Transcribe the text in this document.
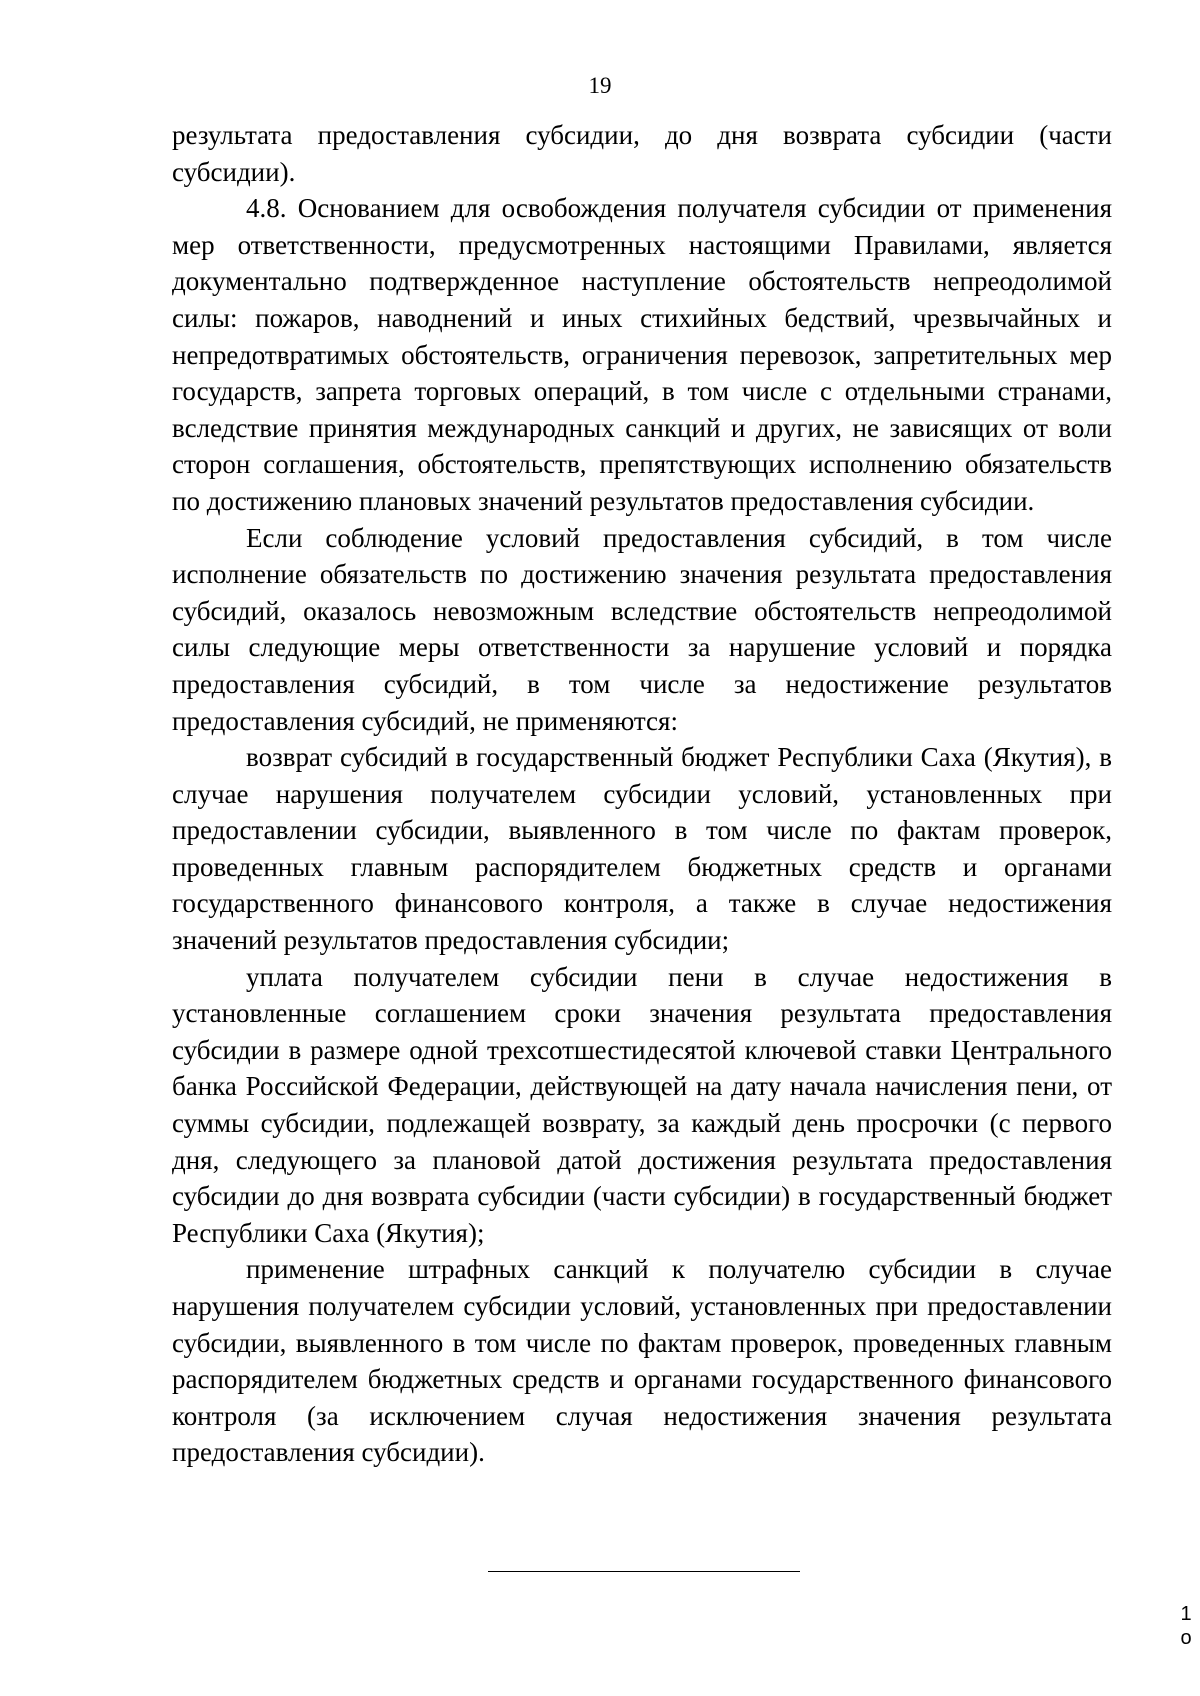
19

результата предоставления субсидии, до дня возврата субсидии (части субсидии).

4.8. Основанием для освобождения получателя субсидии от применения мер ответственности, предусмотренных настоящими Правилами, является документально подтвержденное наступление обстоятельств непреодолимой силы: пожаров, наводнений и иных стихийных бедствий, чрезвычайных и непредотвратимых обстоятельств, ограничения перевозок, запретительных мер государств, запрета торговых операций, в том числе с отдельными странами, вследствие принятия международных санкций и других, не зависящих от воли сторон соглашения, обстоятельств, препятствующих исполнению обязательств по достижению плановых значений результатов предоставления субсидии.

Если соблюдение условий предоставления субсидий, в том числе исполнение обязательств по достижению значения результата предоставления субсидий, оказалось невозможным вследствие обстоятельств непреодолимой силы следующие меры ответственности за нарушение условий и порядка предоставления субсидий, в том числе за недостижение результатов предоставления субсидий, не применяются:

возврат субсидий в государственный бюджет Республики Саха (Якутия), в случае нарушения получателем субсидии условий, установленных при предоставлении субсидии, выявленного в том числе по фактам проверок, проведенных главным распорядителем бюджетных средств и органами государственного финансового контроля, а также в случае недостижения значений результатов предоставления субсидии;

уплата получателем субсидии пени в случае недостижения в установленные соглашением сроки значения результата предоставления субсидии в размере одной трехсотшестидесятой ключевой ставки Центрального банка Российской Федерации, действующей на дату начала начисления пени, от суммы субсидии, подлежащей возврату, за каждый день просрочки (с первого дня, следующего за плановой датой достижения результата предоставления субсидии до дня возврата субсидии (части субсидии) в государственный бюджет Республики Саха (Якутия);

применение штрафных санкций к получателю субсидии в случае нарушения получателем субсидии условий, установленных при предоставлении субсидии, выявленного в том числе по фактам проверок, проведенных главным распорядителем бюджетных средств и органами государственного финансового контроля (за исключением случая недостижения значения результата предоставления субсидии).

1
о
